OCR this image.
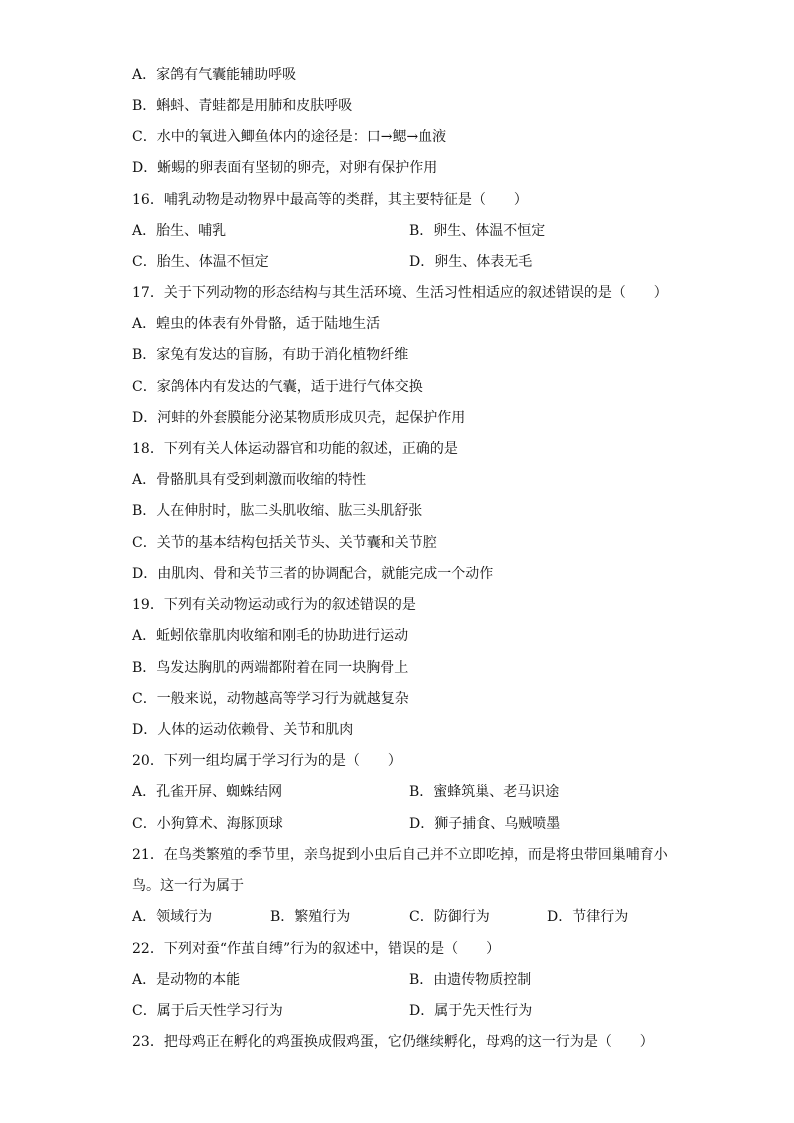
A．家鸽有气囊能辅助呼吸
B．蝌蚪、青蛙都是用肺和皮肤呼吸
C．水中的氧进入鲫鱼体内的途径是：口→鳃→血液
D．蜥蜴的卵表面有坚韧的卵壳，对卵有保护作用
16．哺乳动物是动物界中最高等的类群，其主要特征是（　　）
A．胎生、哺乳	B．卵生、体温不恒定
C．胎生、体温不恒定	D．卵生、体表无毛
17．关于下列动物的形态结构与其生活环境、生活习性相适应的叙述错误的是（　　）
A．蝗虫的体表有外骨骼，适于陆地生活
B．家兔有发达的盲肠，有助于消化植物纤维
C．家鸽体内有发达的气囊，适于进行气体交换
D．河蚌的外套膜能分泌某物质形成贝壳，起保护作用
18．下列有关人体运动器官和功能的叙述，正确的是
A．骨骼肌具有受到刺激而收缩的特性
B．人在伸肘时，肱二头肌收缩、肱三头肌舒张
C．关节的基本结构包括关节头、关节囊和关节腔
D．由肌肉、骨和关节三者的协调配合，就能完成一个动作
19．下列有关动物运动或行为的叙述错误的是
A．蚯蚓依靠肌肉收缩和刚毛的协助进行运动
B．鸟发达胸肌的两端都附着在同一块胸骨上
C．一般来说，动物越高等学习行为就越复杂
D．人体的运动依赖骨、关节和肌肉
20．下列一组均属于学习行为的是（　　）
A．孔雀开屏、蜘蛛结网	B．蜜蜂筑巢、老马识途
C．小狗算术、海豚顶球	D．狮子捕食、乌贼喷墨
21．在鸟类繁殖的季节里，亲鸟捉到小虫后自己并不立即吃掉，而是将虫带回巢哺育小
鸟。这一行为属于
A．领域行为	B．繁殖行为	C．防御行为	D．节律行为
22．下列对蚕“作茧自缚”行为的叙述中，错误的是（　　）
A．是动物的本能	B．由遗传物质控制
C．属于后天性学习行为	D．属于先天性行为
23．把母鸡正在孵化的鸡蛋换成假鸡蛋，它仍继续孵化，母鸡的这一行为是（　　）
